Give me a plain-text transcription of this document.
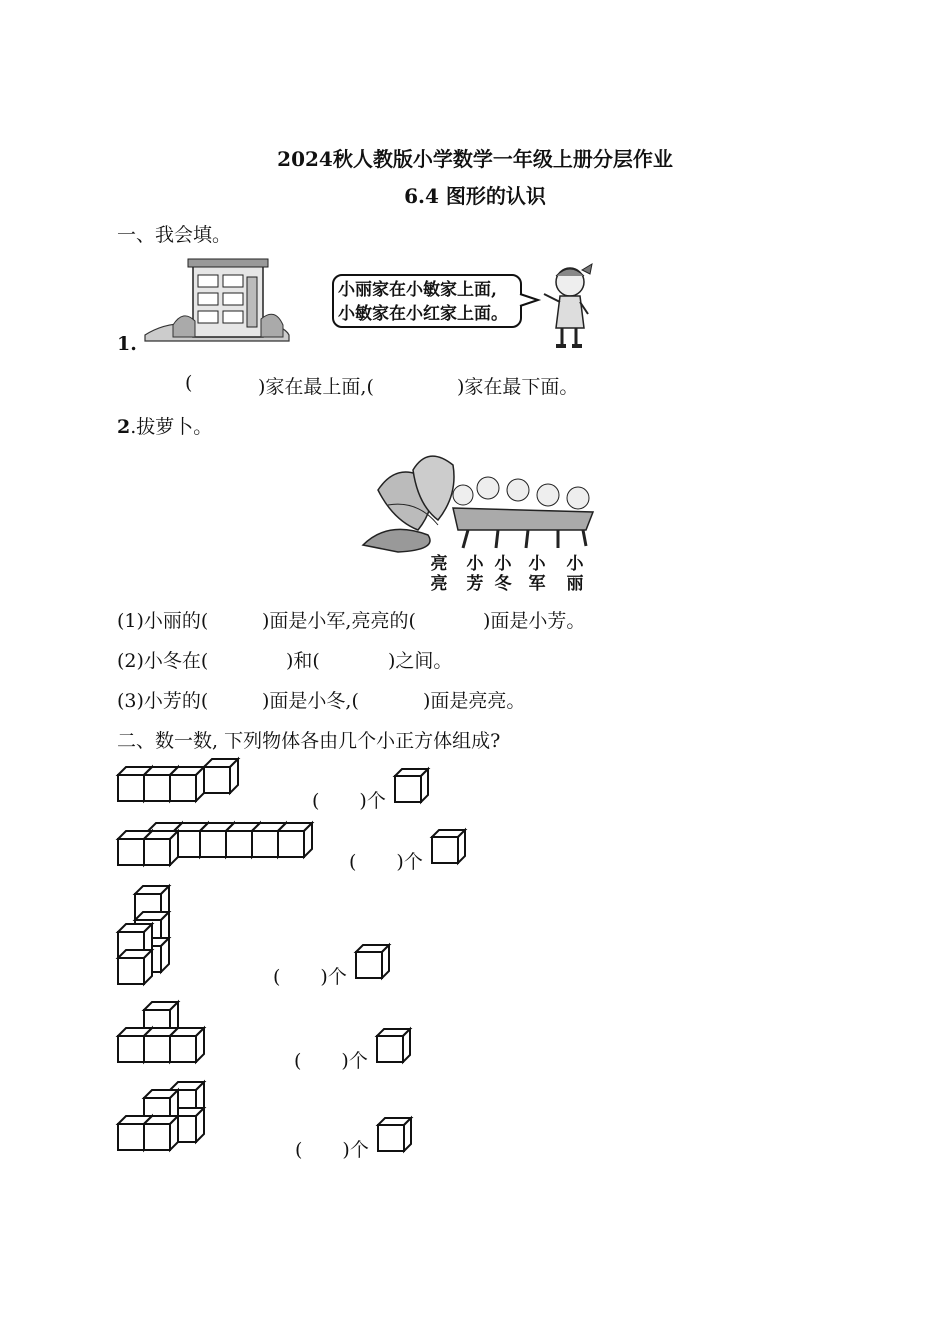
2024秋人教版小学数学一年级上册分层作业
6.4 图形的认识
一、我会填。
小丽家在小敏家上面,
小敏家在小红家上面。
1.
(	)家在最上面,(	)家在最下面。
2.拔萝卜。
亮
亮
小
芳
小
冬
小
军
小
丽
(1)小丽的(	)面是小军,亮亮的(	)面是小芳。
(2)小冬在(	)和(	)之间。
(3)小芳的(	)面是小冬,(	)面是亮亮。
二、数一数, 下列物体各由几个小正方体组成?
( )个
( )个
( )个
( )个
( )个
